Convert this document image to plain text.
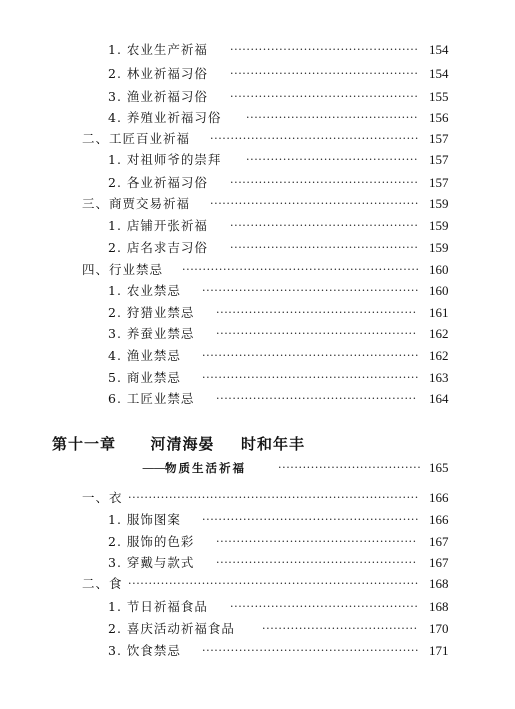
1. 农业生产祈福 ·············································· 154
2. 林业祈福习俗 ·············································· 154
3. 渔业祈福习俗 ·············································· 155
4. 养殖业祈福习俗 ·········································· 156
二、工匠百业祈福 ··················································· 157
1. 对祖师爷的崇拜 ·········································· 157
2. 各业祈福习俗 ·············································· 157
三、商贾交易祈福 ··················································· 159
1. 店铺开张祈福 ·············································· 159
2. 店名求吉习俗 ·············································· 159
四、行业禁忌 ·························································· 160
1. 农业禁忌 ····················································· 160
2. 狩猎业禁忌 ················································· 161
3. 养蚕业禁忌 ················································· 162
4. 渔业禁忌 ····················································· 162
5. 商业禁忌 ····················································· 163
6. 工匠业禁忌 ················································· 164
第十一章 河清海晏 时和年丰
——物质生活祈福	··································· 165
一、衣 ······································································· 166
1. 服饰图案 ····················································· 166
2. 服饰的色彩 ················································· 167
3. 穿戴与款式 ················································· 167
二、食 ······································································· 168
1. 节日祈福食品 ·············································· 168
2. 喜庆活动祈福食品 ······································ 170
3. 饮食禁忌 ····················································· 171
